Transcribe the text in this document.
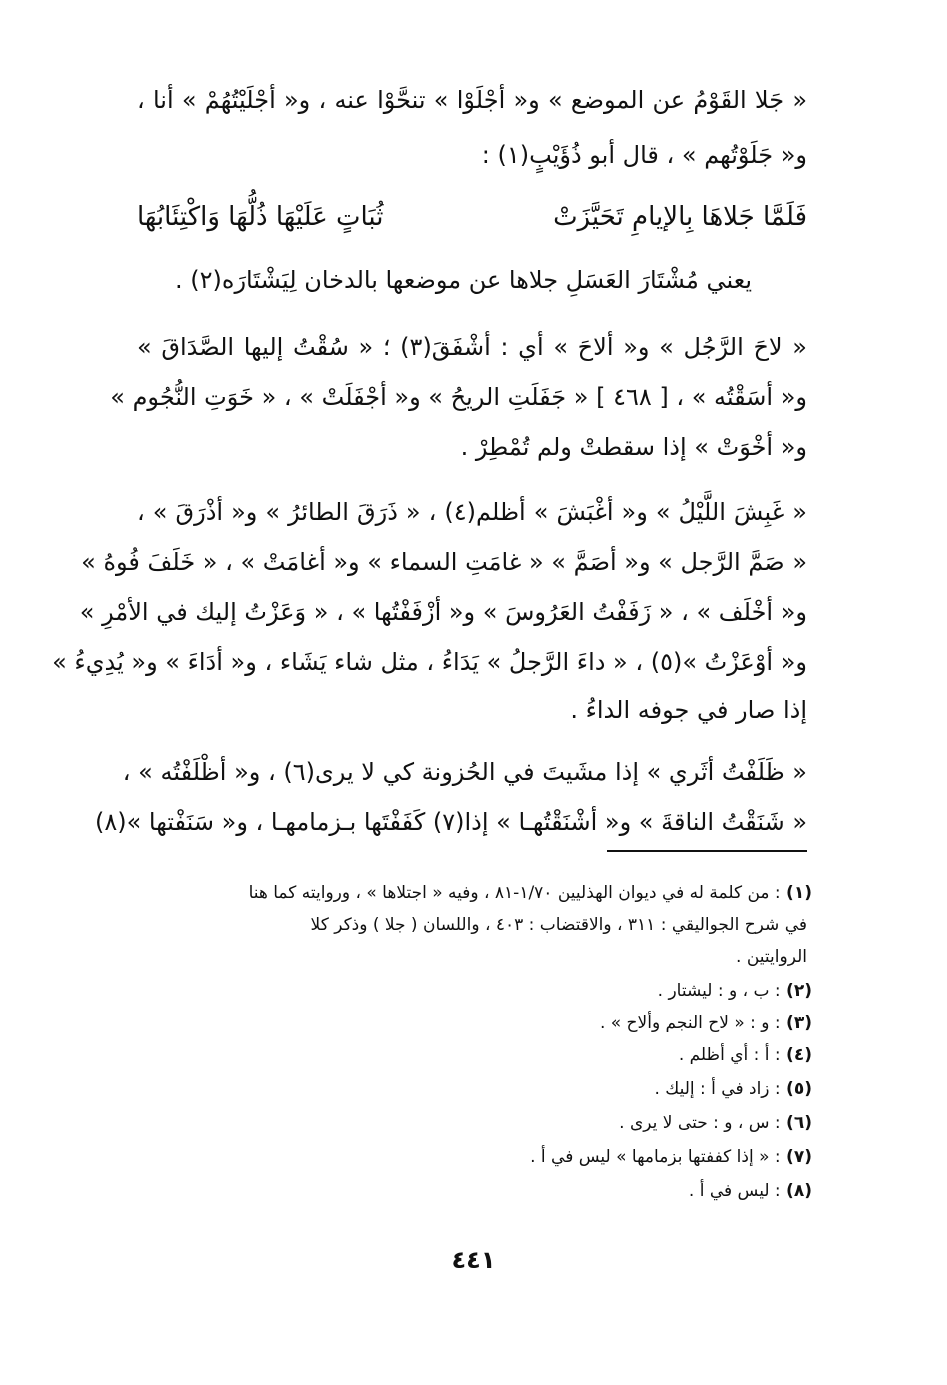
« جَلا القَوْمُ عن الموضع » و« أجْلَوْا » تنحَّوْا عنه ، و« أجْلَيْتُهُمْ » أنا ،
و« جَلَوْتُهم » ، قال أبو ذُؤَيْبٍ(١) :
فَلَمَّا جَلاهَا بِالإيامِ تَحَيَّزَتْ
ثُبَاتٍ عَلَيْهَا ذُلُّهَا وَاكْتِئَابُهَا
يعني مُشْتَارَ العَسَلِ جلاها عن موضعها بالدخان لِيَشْتَارَه(٢) .
« لاحَ الرَّجُل » و« ألاحَ » أي : أشْفَقَ(٣) ؛ « سُقْتُ إليها الصَّدَاقَ »
و« أسَقْتُه » ، [ ٤٦٨ ] « جَفَلَتِ الريحُ » و« أجْفَلَتْ » ، « خَوَتِ النُّجُوم »
و« أخْوَتْ » إذا سقطتْ ولم تُمْطِرْ .
« غَبِشَ اللَّيْلُ » و« أغْبَشَ » أظلم(٤) ، « ذَرَقَ الطائرُ » و« أذْرَقَ » ،
« صَمَّ الرَّجل » و« أصَمَّ » « غامَتِ السماء » و« أغامَتْ » ، « خَلَفَ فُوهُ »
و« أخْلَف » ، « زَفَفْتُ العَرُوسَ » و« أزْفَفْتُها » ، « وَعَزْتُ إليك في الأمْرِ »
و« أوْعَزْتُ »(٥) ، « داءَ الرَّجلُ » يَدَاءُ ، مثل شاء يَشَاء ، و« أدَاءَ » و« يُدِيءُ »
إذا صار في جوفه الداءُ .
« ظَلَفْتُ أثَري » إذا مشَيتَ في الحُزونة كي لا يرى(٦) ، و« أظْلَفْتُه » ،
« شَنَقْتُ الناقةَ » و« أشْنَقْتُهـا » إذا(٧) كَفَفْتَها بـزمامهـا ، و« سَنَفْتها »(٨)
(١) : من كلمة له في ديوان الهذليين ١/٧٠-٨١ ، وفيه « اجتلاها » ، وروايته كما هنا
في شرح الجواليقي : ٣١١ ، والاقتضاب : ٤٠٣ ، واللسان ( جلا ) وذكر كلا
الروايتين .
(٢) : ب ، و : ليشتار .
(٣) : و : « لاح النجم وألاح » .
(٤) : أ : أي أظلم .
(٥) : زاد في أ : إليك .
(٦) : س ، و : حتى لا يرى .
(٧) : « إذا كففتها بزمامها » ليس في أ .
(٨) : ليس في أ .
٤٤١
